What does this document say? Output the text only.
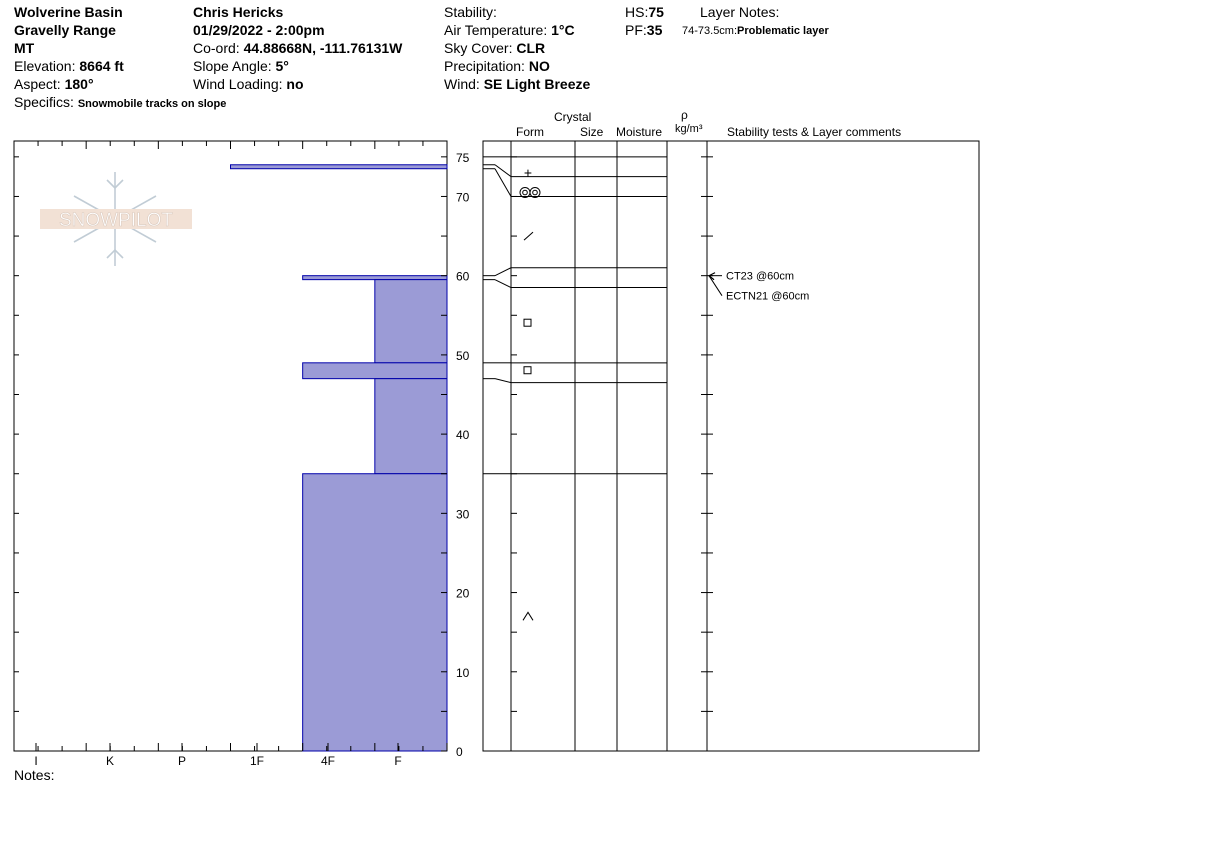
Wolverine Basin
Gravelly Range
MT
Elevation: 8664 ft
Aspect: 180°
Specifics: Snowmobile tracks on slope
Chris Hericks
01/29/2022 - 2:00pm
Co-ord: 44.88668N, -111.76131W
Slope Angle: 5°
Wind Loading: no
Stability:
Air Temperature: 1°C
Sky Cover: CLR
Precipitation: NO
Wind: SE Light Breeze
HS:75
PF:35
Layer Notes:
74-73.5cm:Problematic layer
Crystal
Form	Size Moisture
ρ
kg/m³ Stability tests & Layer comments
Notes:
SNOWPILOT
I	K	P	1F	4F	F
0
10
20
30
40
50
60
70
75
+
CT23 @60cm
ECTN21 @60cm
